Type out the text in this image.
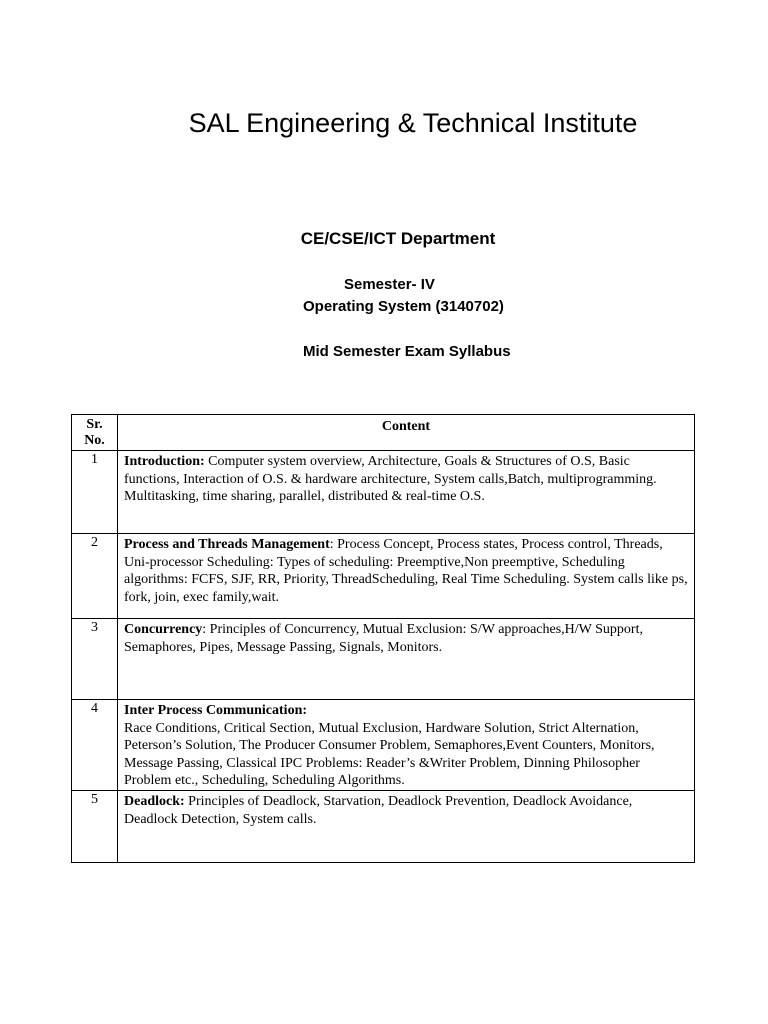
SAL Engineering & Technical Institute
CE/CSE/ICT Department
Semester- IV
Operating System (3140702)
Mid Semester Exam Syllabus
Sr.
No.	Content
1	Introduction: Computer system overview, Architecture, Goals & Structures of O.S, Basic functions, Interaction of O.S. & hardware architecture, System calls,Batch, multiprogramming. Multitasking, time sharing, parallel, distributed & real-time O.S.
2	Process and Threads Management: Process Concept, Process states, Process control, Threads, Uni-processor Scheduling: Types of scheduling: Preemptive,Non preemptive, Scheduling algorithms: FCFS, SJF, RR, Priority, ThreadScheduling, Real Time Scheduling. System calls like ps, fork, join, exec family,wait.
3	Concurrency: Principles of Concurrency, Mutual Exclusion: S/W approaches,H/W Support, Semaphores, Pipes, Message Passing, Signals, Monitors.
4	Inter Process Communication:
Race Conditions, Critical Section, Mutual Exclusion, Hardware Solution, Strict Alternation, Peterson’s Solution, The Producer Consumer Problem, Semaphores,Event Counters, Monitors, Message Passing, Classical IPC Problems: Reader’s &Writer Problem, Dinning Philosopher Problem etc., Scheduling, Scheduling Algorithms.
5	Deadlock: Principles of Deadlock, Starvation, Deadlock Prevention, Deadlock Avoidance, Deadlock Detection, System calls.
